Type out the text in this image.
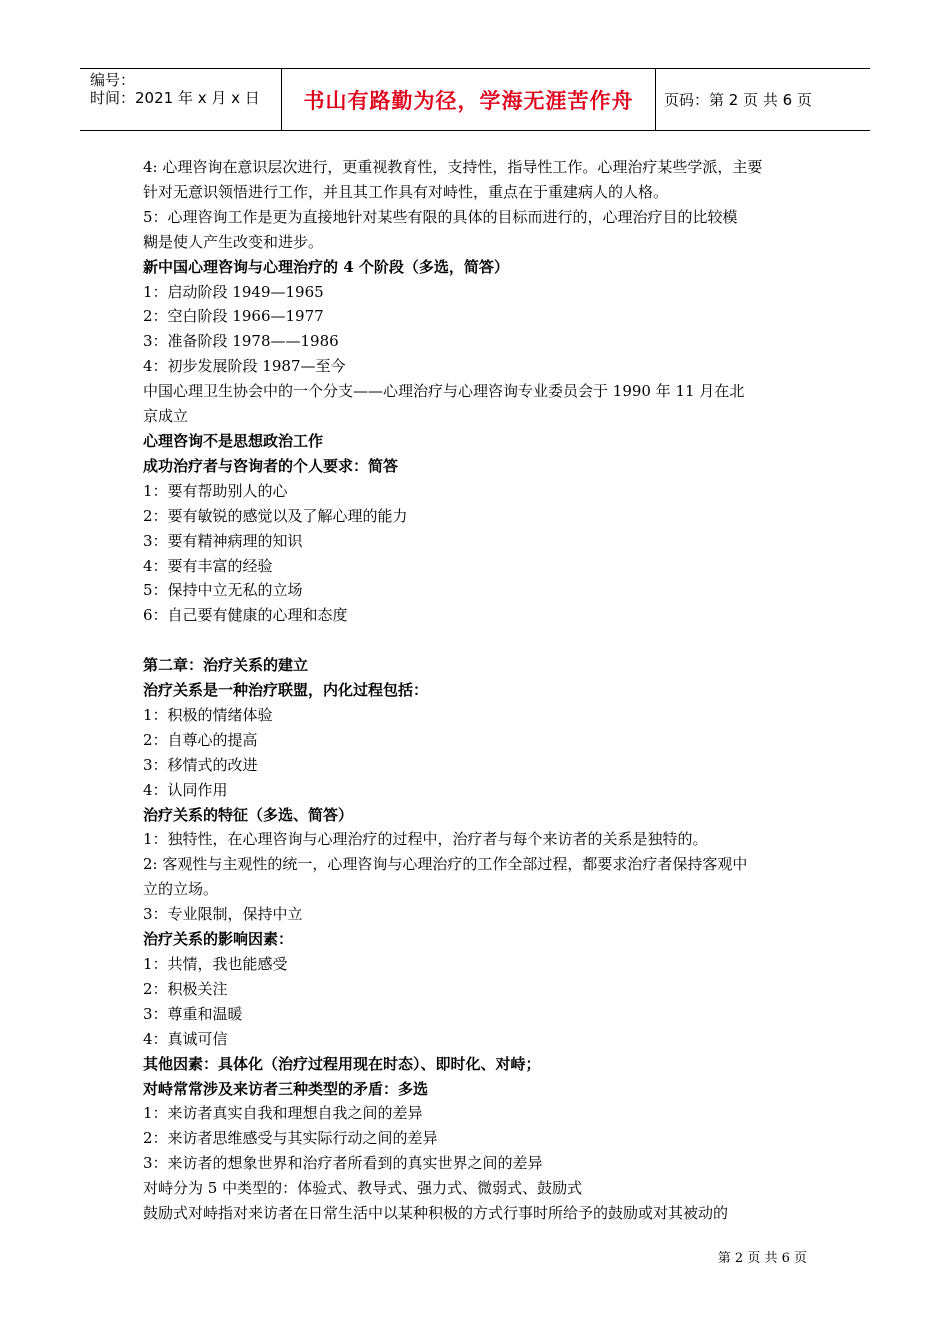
编号：
时间：2021 年 x 月 x 日	书山有路勤为径，学海无涯苦作舟	页码：第 2 页 共 6 页

4: 心理咨询在意识层次进行，更重视教育性，支持性，指导性工作。心理治疗某些学派，主要

针对无意识领悟进行工作，并且其工作具有对峙性，重点在于重建病人的人格。

5：心理咨询工作是更为直接地针对某些有限的具体的目标而进行的，心理治疗目的比较模

糊是使人产生改变和进步。

新中国心理咨询与心理治疗的 4 个阶段（多选，简答）

1：启动阶段 1949—1965

2：空白阶段 1966—1977

3：准备阶段 1978——1986

4：初步发展阶段 1987—至今

中国心理卫生协会中的一个分支——心理治疗与心理咨询专业委员会于 1990 年 11 月在北

京成立

心理咨询不是思想政治工作

成功治疗者与咨询者的个人要求：简答

1：要有帮助别人的心

2：要有敏锐的感觉以及了解心理的能力

3：要有精神病理的知识

4：要有丰富的经验

5：保持中立无私的立场

6：自己要有健康的心理和态度

第二章：治疗关系的建立

治疗关系是一种治疗联盟，内化过程包括：

1：积极的情绪体验

2：自尊心的提高

3：移情式的改进

4：认同作用

治疗关系的特征（多选、简答）

1：独特性，在心理咨询与心理治疗的过程中，治疗者与每个来访者的关系是独特的。

2: 客观性与主观性的统一，心理咨询与心理治疗的工作全部过程，都要求治疗者保持客观中

立的立场。

3：专业限制，保持中立

治疗关系的影响因素：

1：共情，我也能感受

2：积极关注

3：尊重和温暖

4：真诚可信

其他因素：具体化（治疗过程用现在时态）、即时化、对峙；

对峙常常涉及来访者三种类型的矛盾：多选

1：来访者真实自我和理想自我之间的差异

2：来访者思维感受与其实际行动之间的差异

3：来访者的想象世界和治疗者所看到的真实世界之间的差异

对峙分为 5 中类型的：体验式、教导式、强力式、微弱式、鼓励式

鼓励式对峙指对来访者在日常生活中以某种积极的方式行事时所给予的鼓励或对其被动的

第 2 页 共 6 页
